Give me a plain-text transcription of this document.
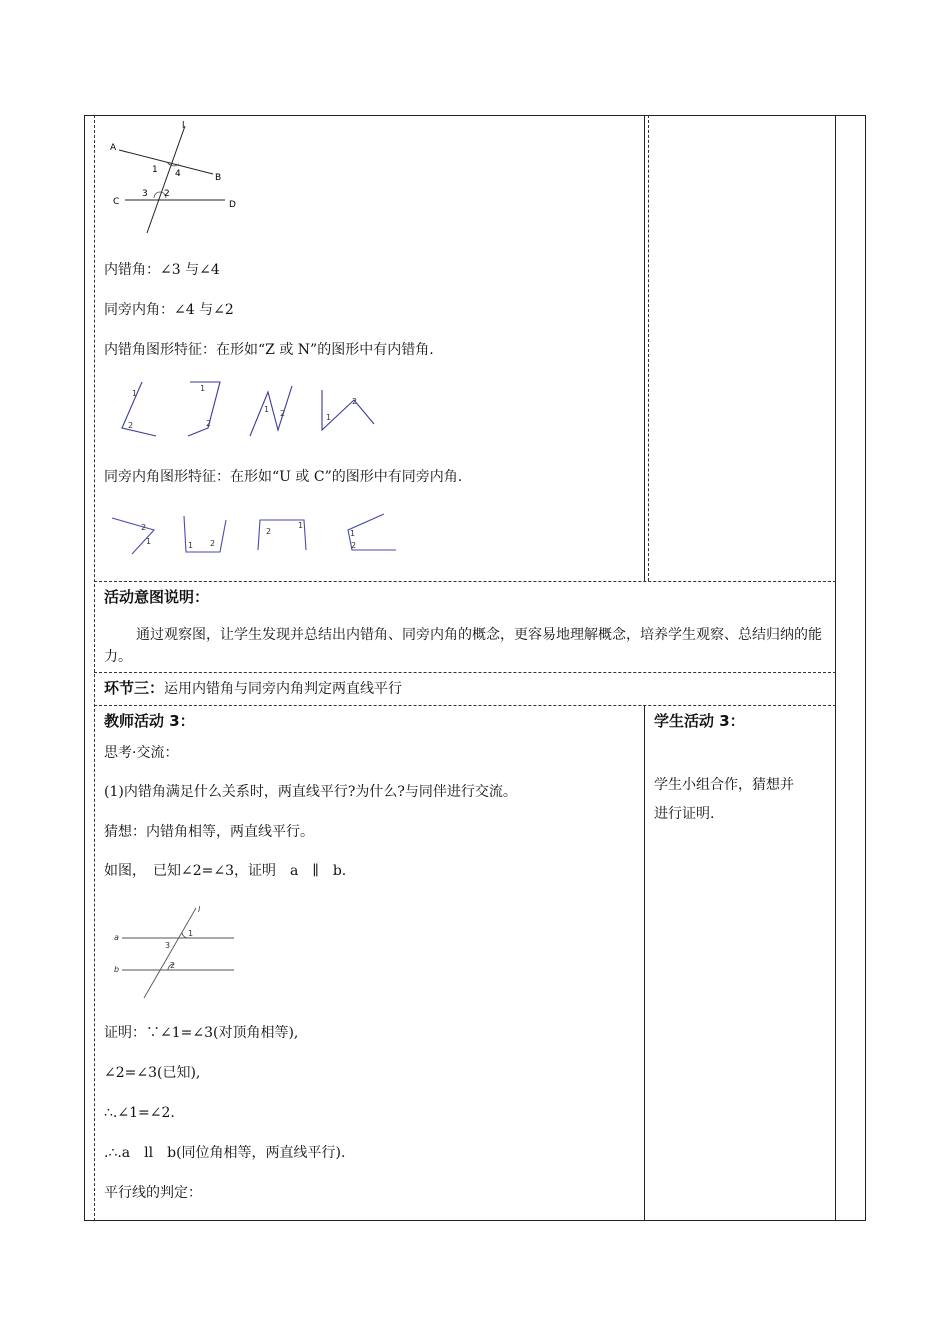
l
A
B
C	D
1 4
3 2
内错角：∠3 与∠4
同旁内角：∠4 与∠2
内错角图形特征：在形如“Z 或 N”的图形中有内错角.
1
2
1
2
1 2	1
2
同旁内角图形特征：在形如“U 或 C”的图形中有同旁内角.
2
1	1 2
2
1
1
2
活动意图说明：
通过观察图，让学生发现并总结出内错角、同旁内角的概念，更容易地理解概念，培养学生观察、总结归纳的能力。
环节三：运用内错角与同旁内角判定两直线平行
教师活动 3：
思考·交流：
(1)内错角满足什么关系时，两直线平行?为什么?与同伴进行交流。
猜想：内错角相等，两直线平行。
如图，　已知∠2=∠3，证明　a　∥　b.
l
a
b
1
3
2
证明：∵∠1=∠3(对顶角相等),
∠2=∠3(已知),
∴.∠1=∠2.
.∴.a　ll　b(同位角相等，两直线平行).
平行线的判定：
学生活动 3：
学生小组合作，猜想并
进行证明.
